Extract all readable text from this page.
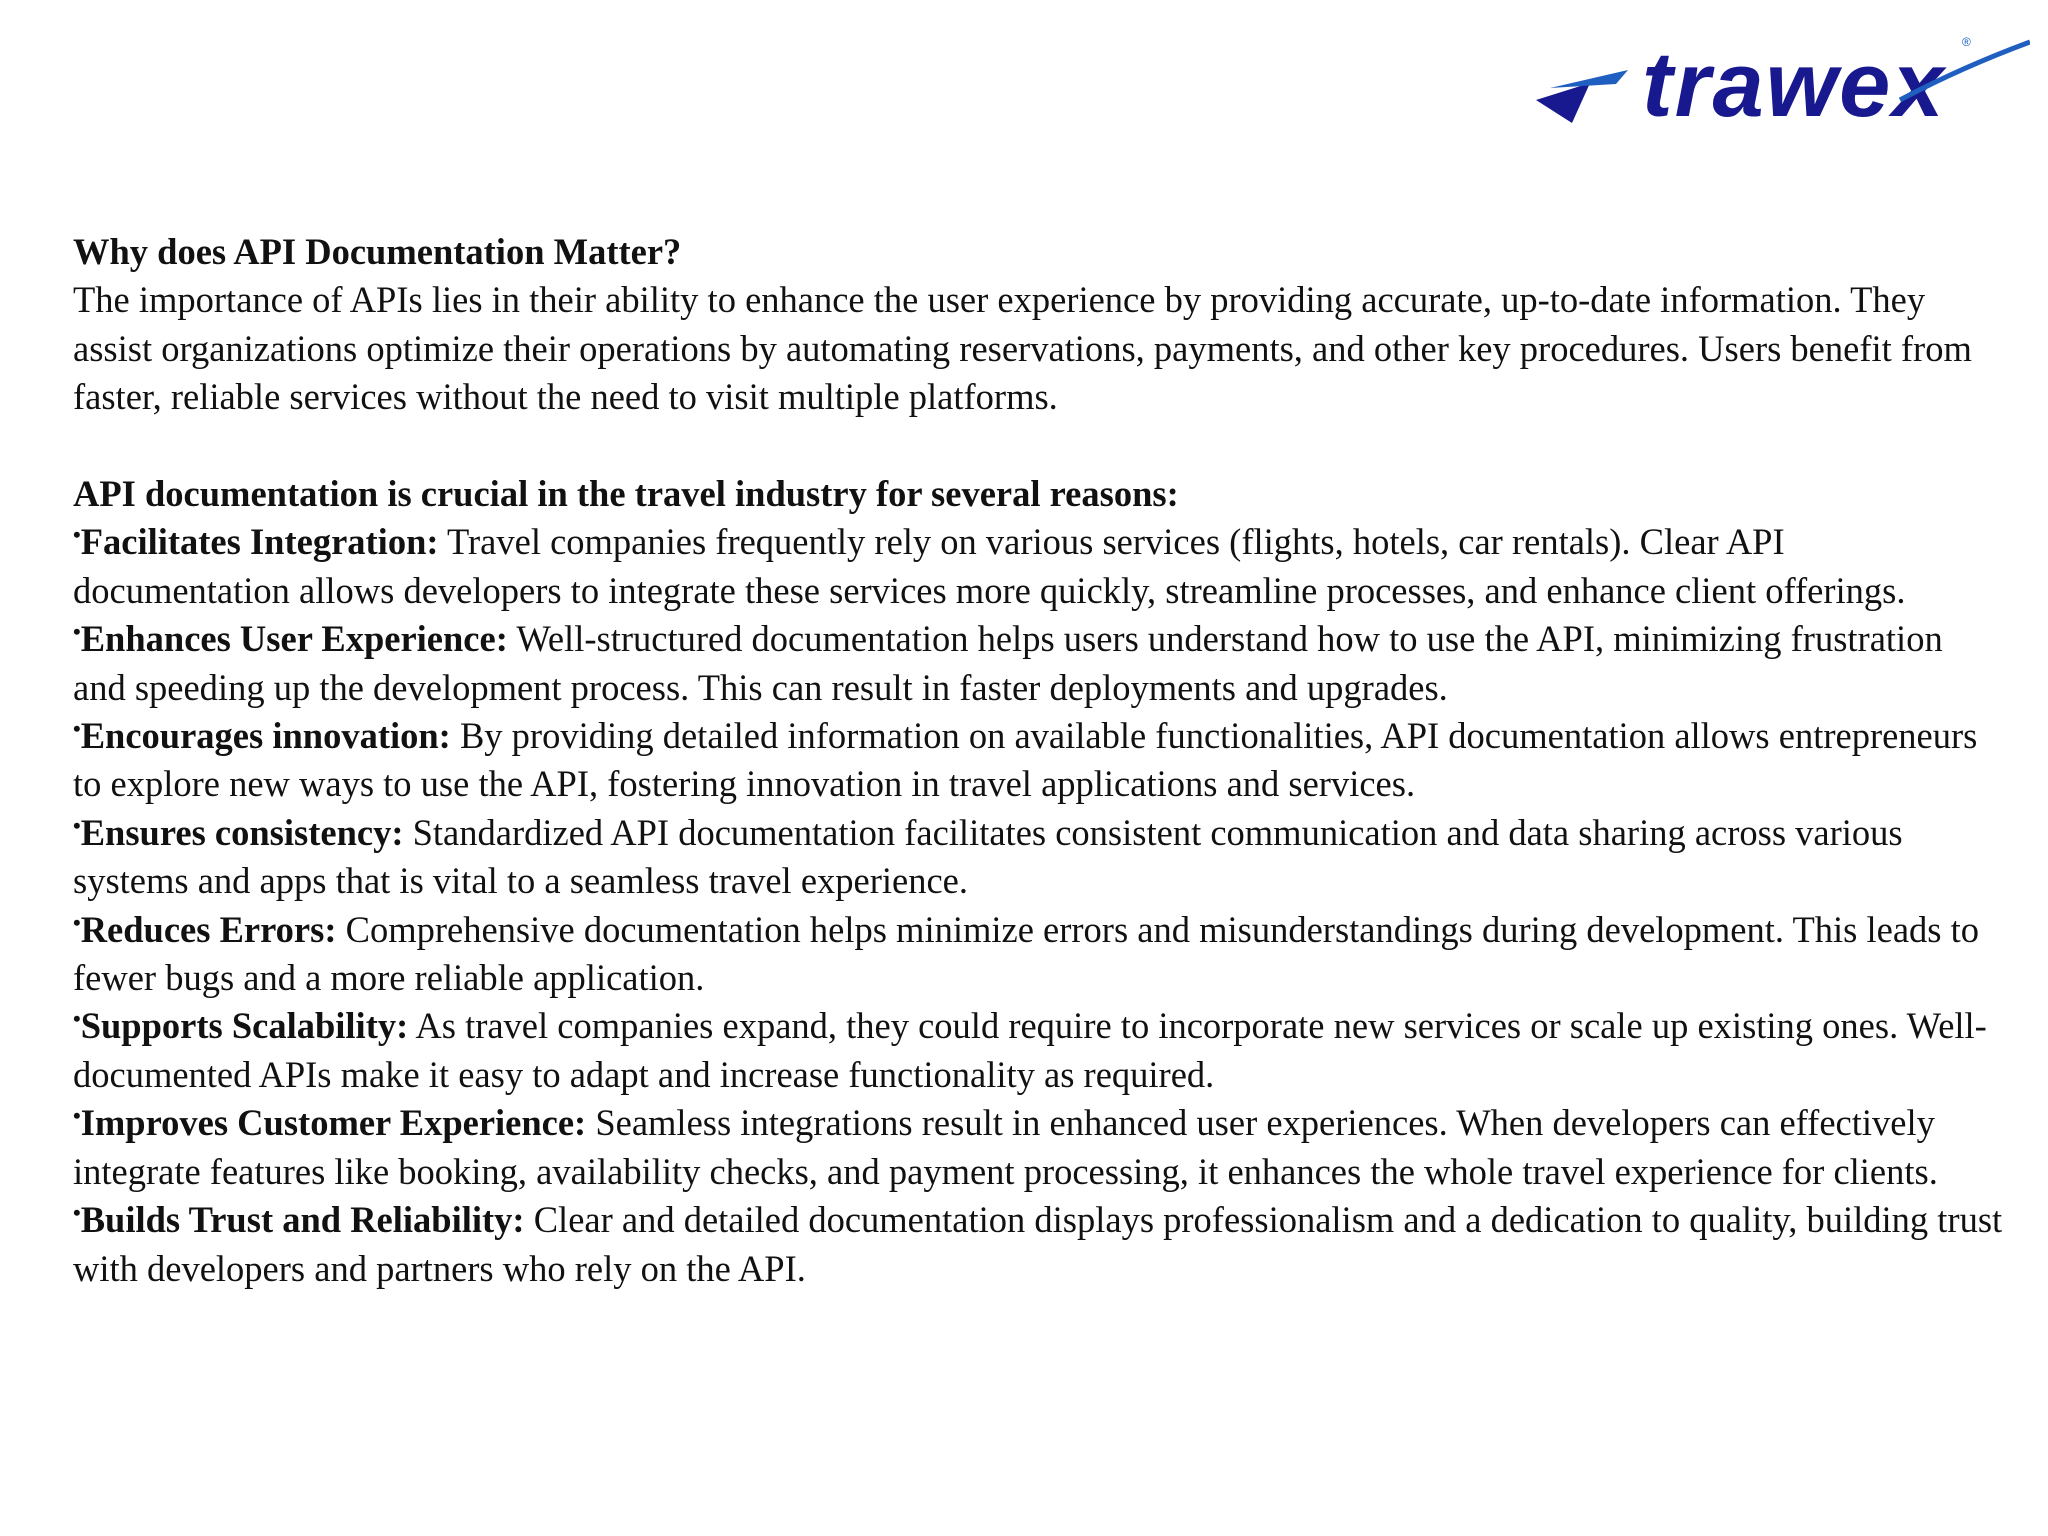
trawex ®
Why does API Documentation Matter?
The importance of APIs lies in their ability to enhance the user experience by providing accurate, up-to-date information. They assist organizations optimize their operations by automating reservations, payments, and other key procedures. Users benefit from faster, reliable services without the need to visit multiple platforms.
API documentation is crucial in the travel industry for several reasons:
•Facilitates Integration: Travel companies frequently rely on various services (flights, hotels, car rentals). Clear API documentation allows developers to integrate these services more quickly, streamline processes, and enhance client offerings.
•Enhances User Experience: Well-structured documentation helps users understand how to use the API, minimizing frustration and speeding up the development process. This can result in faster deployments and upgrades.
•Encourages innovation: By providing detailed information on available functionalities, API documentation allows entrepreneurs to explore new ways to use the API, fostering innovation in travel applications and services.
•Ensures consistency: Standardized API documentation facilitates consistent communication and data sharing across various systems and apps that is vital to a seamless travel experience.
•Reduces Errors: Comprehensive documentation helps minimize errors and misunderstandings during development. This leads to fewer bugs and a more reliable application.
•Supports Scalability: As travel companies expand, they could require to incorporate new services or scale up existing ones. Well-documented APIs make it easy to adapt and increase functionality as required.
•Improves Customer Experience: Seamless integrations result in enhanced user experiences. When developers can effectively integrate features like booking, availability checks, and payment processing, it enhances the whole travel experience for clients.
•Builds Trust and Reliability: Clear and detailed documentation displays professionalism and a dedication to quality, building trust with developers and partners who rely on the API.
